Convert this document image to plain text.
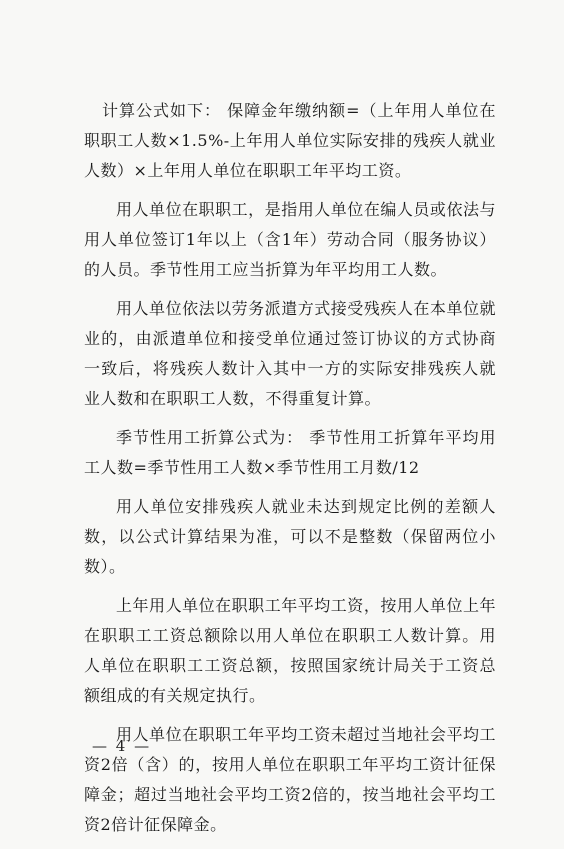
计算公式如下： 保障金年缴纳额=（上年用人单位在职职工人数×1.5%-上年用人单位实际安排的残疾人就业人数）×上年用人单位在职职工年平均工资。

用人单位在职职工，是指用人单位在编人员或依法与用人单位签订1年以上（含1年）劳动合同（服务协议）的人员。季节性用工应当折算为年平均用工人数。

用人单位依法以劳务派遣方式接受残疾人在本单位就业的，由派遣单位和接受单位通过签订协议的方式协商一致后，将残疾人数计入其中一方的实际安排残疾人就业人数和在职职工人数，不得重复计算。

季节性用工折算公式为： 季节性用工折算年平均用工人数=季节性用工人数×季节性用工月数/12

用人单位安排残疾人就业未达到规定比例的差额人数，以公式计算结果为准，可以不是整数（保留两位小数）。

上年用人单位在职职工年平均工资，按用人单位上年在职职工工资总额除以用人单位在职职工人数计算。用人单位在职职工工资总额，按照国家统计局关于工资总额组成的有关规定执行。

用人单位在职职工年平均工资未超过当地社会平均工资2倍（含）的，按用人单位在职职工年平均工资计征保障金；超过当地社会平均工资2倍的，按当地社会平均工资2倍计征保障金。

— 4 —
